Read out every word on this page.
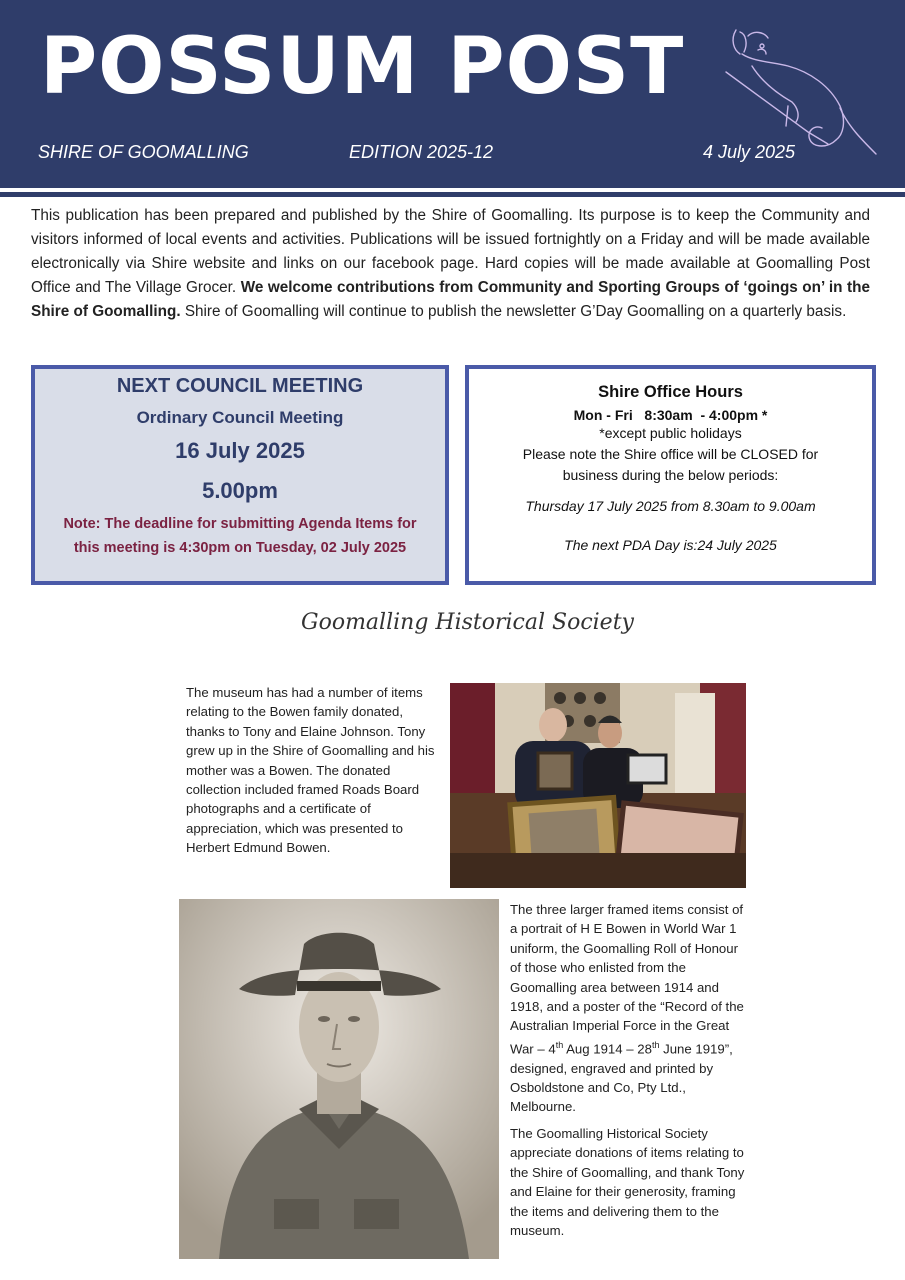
POSSUM POST
SHIRE OF GOOMALLING	EDITION 2025-12	4 July 2025
This publication has been prepared and published by the Shire of Goomalling. Its purpose is to keep the Community and visitors informed of local events and activities. Publications will be issued fortnightly on a Friday and will be made available electronically via Shire website and links on our facebook page. Hard copies will be made available at Goomalling Post Office and The Village Grocer. We welcome contributions from Community and Sporting Groups of ‘goings on’ in the Shire of Goomalling. Shire of Goomalling will continue to publish the newsletter G’Day Goomalling on a quarterly basis.
NEXT COUNCIL MEETING
Ordinary Council Meeting
16 July 2025
5.00pm
Note: The deadline for submitting Agenda Items for
this meeting is 4:30pm on Tuesday, 02 July 2025
Shire Office Hours
Mon - Fri   8:30am  - 4:00pm *
*except public holidays
Please note the Shire office will be CLOSED for
business during the below periods:
Thursday 17 July 2025 from 8.30am to 9.00am
The next PDA Day is:24 July 2025
Goomalling Historical Society
The museum has had a number of items relating to the Bowen family donated, thanks to Tony and Elaine Johnson. Tony grew up in the Shire of Goomalling and his mother was a Bowen. The donated collection included framed Roads Board photographs and a certificate of appreciation, which was presented to Herbert Edmund Bowen.
The three larger framed items consist of a portrait of H E Bowen in World War 1 uniform, the Goomalling Roll of Honour of those who enlisted from the Goomalling area between 1914 and 1918, and a poster of the “Record of the Australian Imperial Force in the Great War – 4th Aug 1914 – 28th June 1919”, designed, engraved and printed by Osboldstone and Co, Pty Ltd., Melbourne.
The Goomalling Historical Society appreciate donations of items relating to the Shire of Goomalling, and thank Tony and Elaine for their generosity, framing the items and delivering them to the museum.
